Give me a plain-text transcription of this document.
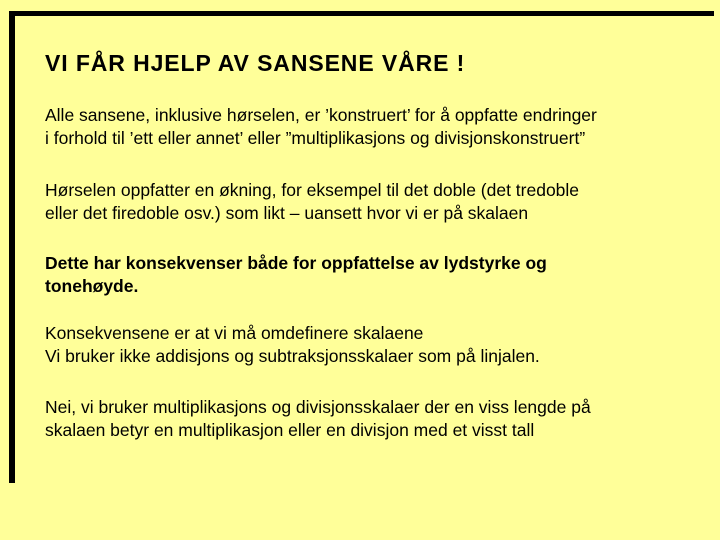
VI FÅR HJELP AV SANSENE VÅRE !

Alle sansene, inklusive hørselen, er ’konstruert’ for å oppfatte endringer
i forhold til ’ett eller annet’ eller ”multiplikasjons og divisjonskonstruert”

Hørselen oppfatter en økning, for eksempel til det doble (det tredoble
eller det firedoble osv.) som likt – uansett hvor vi er på skalaen

Dette har konsekvenser både for oppfattelse av lydstyrke og
tonehøyde.

Konsekvensene er at vi må omdefinere skalaene
Vi bruker ikke addisjons og subtraksjonsskalaer som på linjalen.

Nei, vi bruker multiplikasjons og divisjonsskalaer der en viss lengde på
skalaen betyr en multiplikasjon eller en divisjon med et visst tall
